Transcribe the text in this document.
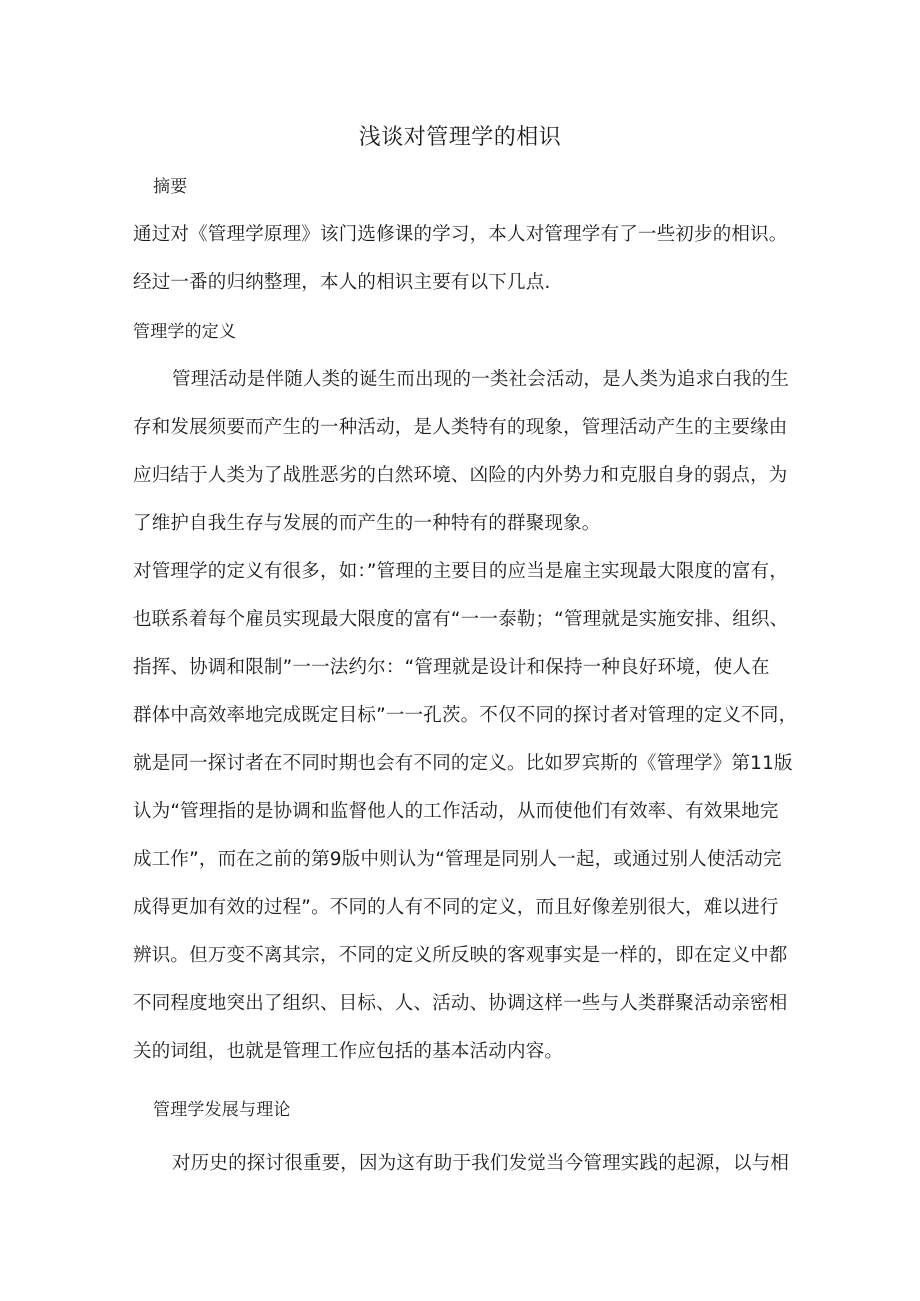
浅谈对管理学的相识

摘要

通过对《管理学原理》该门选修课的学习，本人对管理学有了一些初步的相识。

经过一番的归纳整理，本人的相识主要有以下几点.

管理学的定义

管理活动是伴随人类的诞生而出现的一类社会活动，是人类为追求白我的生

存和发展须要而产生的一种活动，是人类特有的现象，管理活动产生的主要缘由

应归结于人类为了战胜恶劣的白然环境、凶险的内外势力和克服自身的弱点，为

了维护自我生存与发展的而产生的一种特有的群聚现象。

对管理学的定义有很多，如：”管理的主要目的应当是雇主实现最大限度的富有，

也联系着每个雇员实现最大限度的富有“一一泰勒；“管理就是实施安排、组织、

指挥、协调和限制”一一法约尔：“管理就是设计和保持一种良好环境，使人在

群体中高效率地完成既定目标”一一孔茨。不仅不同的探讨者对管理的定义不同，

就是同一探讨者在不同时期也会有不同的定义。比如罗宾斯的《管理学》第11版

认为“管理指的是协调和监督他人的工作活动，从而使他们有效率、有效果地完

成工作”，而在之前的第9版中则认为“管理是同别人一起，或通过别人使活动完

成得更加有效的过程”。不同的人有不同的定义，而且好像差别很大，难以进行

辨识。但万变不离其宗，不同的定义所反映的客观事实是一样的，即在定义中都

不同程度地突出了组织、目标、人、活动、协调这样一些与人类群聚活动亲密相

关的词组，也就是管理工作应包括的基本活动内容。

管理学发展与理论

对历史的探讨很重要，因为这有助于我们发觉当今管理实践的起源，以与相
